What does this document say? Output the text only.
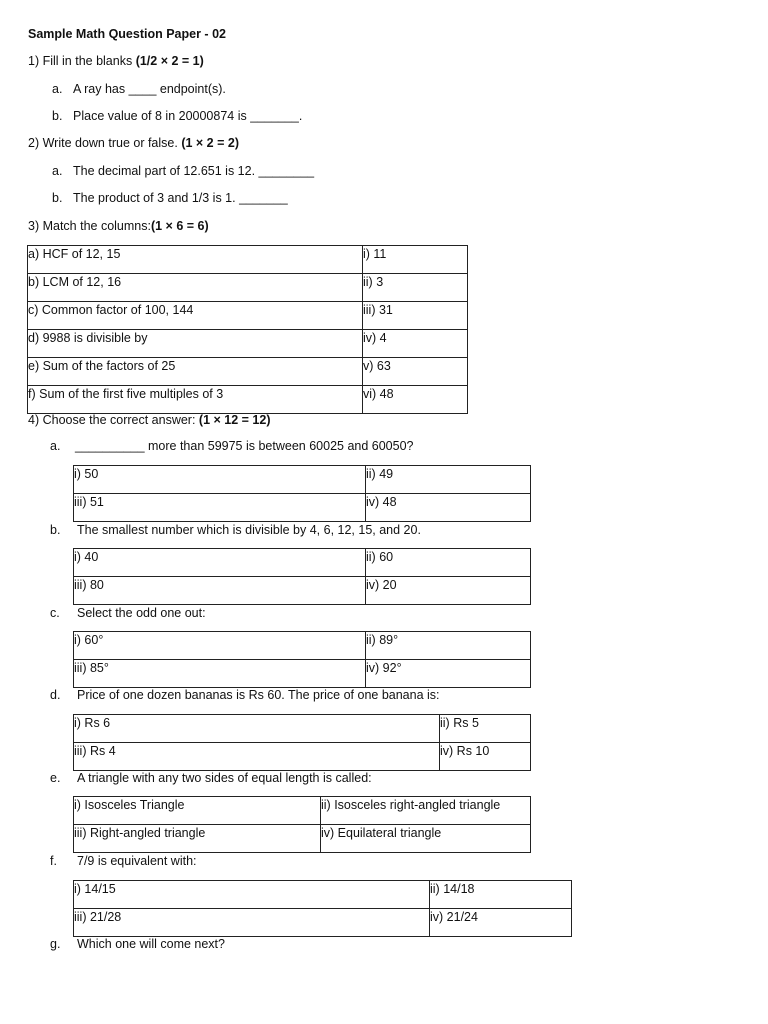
Sample Math Question Paper - 02
1) Fill in the blanks (1/2 × 2 = 1)
a. A ray has ____ endpoint(s).
b. Place value of 8 in 20000874 is _______.
2) Write down true or false. (1 × 2 = 2)
a. The decimal part of 12.651 is 12. ________
b. The product of 3 and 1/3 is 1. _______
3) Match the columns:(1 × 6 = 6)
a) HCF of 12, 15	i) 11
b) LCM of 12, 16	ii) 3
c) Common factor of 100, 144	iii) 31
d) 9988 is divisible by	iv) 4
e) Sum of the factors of 25	v) 63
f) Sum of the first five multiples of 3	vi) 48
4) Choose the correct answer: (1 × 12 = 12)
a. __________ more than 59975 is between 60025 and 60050?
i) 50	ii) 49
iii) 51	iv) 48
b. The smallest number which is divisible by 4, 6, 12, 15, and 20.
i) 40	ii) 60
iii) 80	iv) 20
c. Select the odd one out:
i) 60°	ii) 89°
iii) 85°	iv) 92°
d. Price of one dozen bananas is Rs 60. The price of one banana is:
i) Rs 6	ii) Rs 5
iii) Rs 4	iv) Rs 10
e. A triangle with any two sides of equal length is called:
i) Isosceles Triangle	ii) Isosceles right-angled triangle
iii) Right-angled triangle	iv) Equilateral triangle
f. 7/9 is equivalent with:
i) 14/15	ii) 14/18
iii) 21/28	iv) 21/24
g. Which one will come next?
